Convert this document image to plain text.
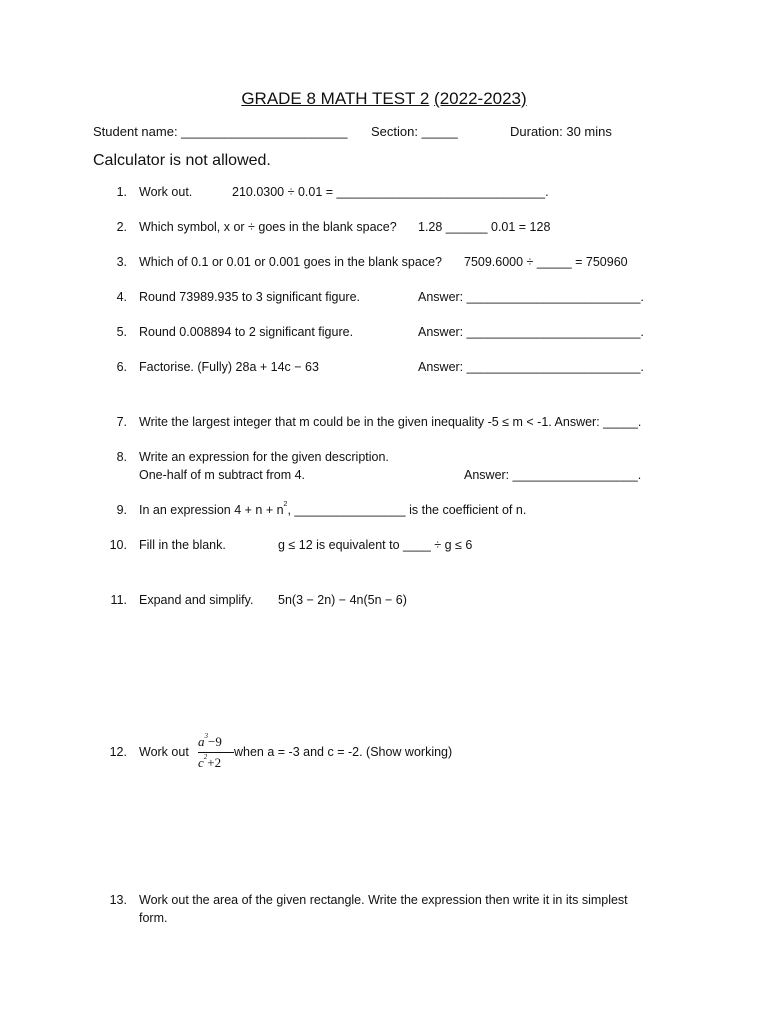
GRADE 8 MATH TEST 2 (2022-2023)
Student name: _______________________ Section: _____	Duration: 30 mins
Calculator is not allowed.
1. Work out.	210.0300 ÷ 0.01 = ______________________________.
2. Which symbol, x or ÷ goes in the blank space? 1.28 ______ 0.01 = 128
3. Which of 0.1 or 0.01 or 0.001 goes in the blank space? 7509.6000 ÷ _____ = 750960
4. Round 73989.935 to 3 significant figure.	Answer: _________________________.
5. Round 0.008894 to 2 significant figure.	Answer: _________________________.
6. Factorise. (Fully) 28a + 14c − 63	Answer: _________________________.
7. Write the largest integer that m could be in the given inequality -5 ≤ m < -1. Answer: _____.
8. Write an expression for the given description.
One-half of m subtract from 4.	Answer: __________________.
9. In an expression $4 + n + n^2$, ________________ is the coefficient of n.
10. Fill in the blank.	g ≤ 12 is equivalent to ____ ÷ g ≤ 6
11. Expand and simplify. 5n(3 − 2n) − 4n(5n − 6)
12. Work out
$a^3-9$
$c^2+2$
when a = -3 and c = -2. (Show working)
13. Work out the area of the given rectangle. Write the expression then write it in its simplest
form.
